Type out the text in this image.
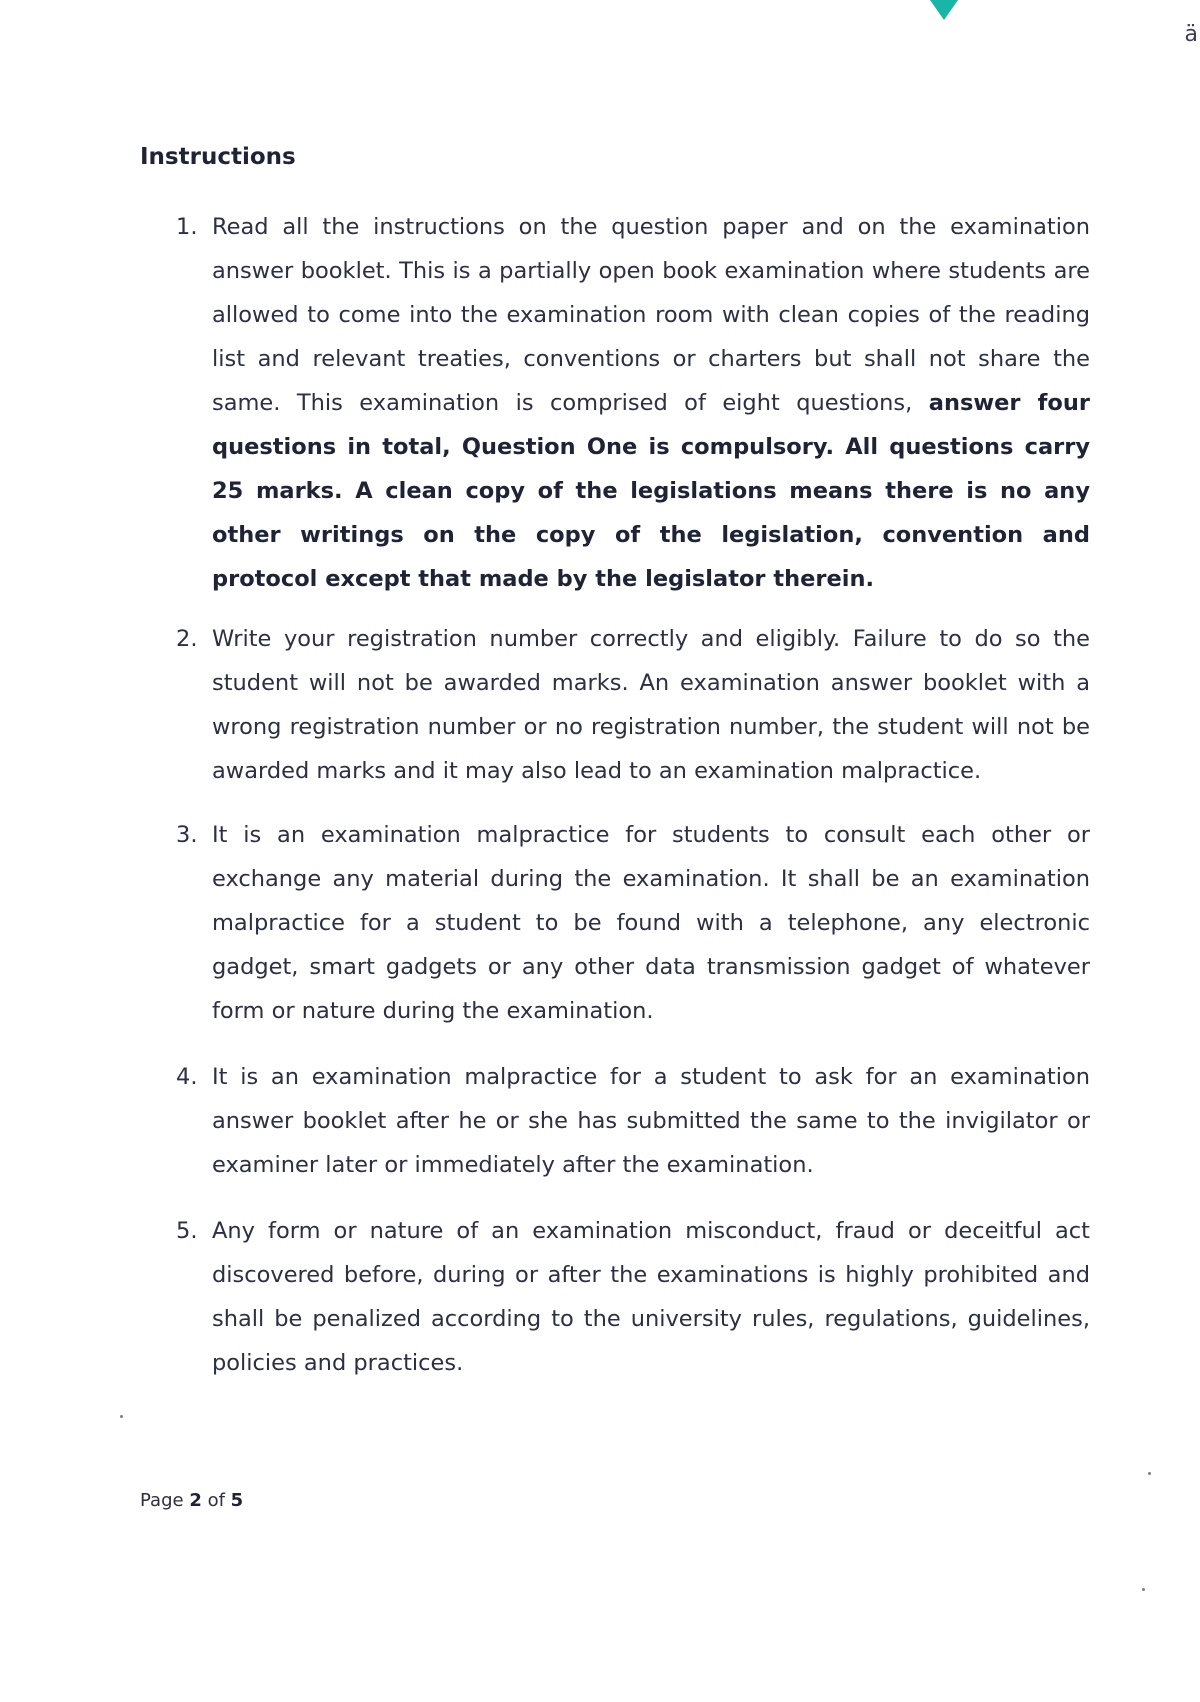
ä
Instructions
1. Read all the instructions on the question paper and on the examination answer booklet. This is a partially open book examination where students are allowed to come into the examination room with clean copies of the reading list and relevant treaties, conventions or charters but shall not share the same. This examination is comprised of eight questions, answer four questions in total, Question One is compulsory. All questions carry 25 marks. A clean copy of the legislations means there is no any other writings on the copy of the legislation, convention and protocol except that made by the legislator therein.
2. Write your registration number correctly and eligibly. Failure to do so the student will not be awarded marks. An examination answer booklet with a wrong registration number or no registration number, the student will not be awarded marks and it may also lead to an examination malpractice.
3. It is an examination malpractice for students to consult each other or exchange any material during the examination. It shall be an examination malpractice for a student to be found with a telephone, any electronic gadget, smart gadgets or any other data transmission gadget of whatever form or nature during the examination.
4. It is an examination malpractice for a student to ask for an examination answer booklet after he or she has submitted the same to the invigilator or examiner later or immediately after the examination.
5. Any form or nature of an examination misconduct, fraud or deceitful act discovered before, during or after the examinations is highly prohibited and shall be penalized according to the university rules, regulations, guidelines, policies and practices.
Page 2 of 5
